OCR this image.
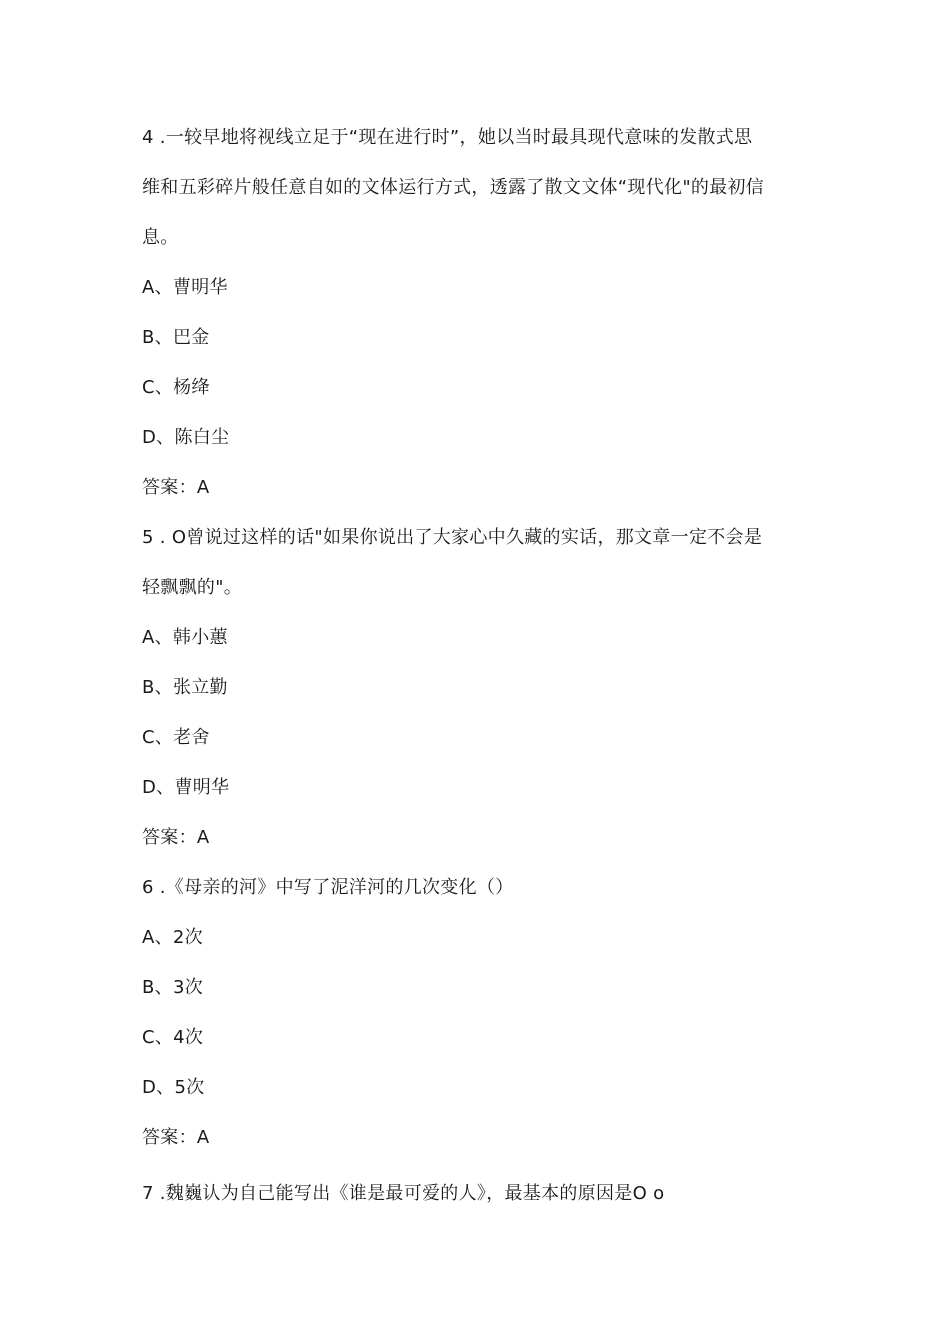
4 .一较早地将视线立足于“现在进行时”，她以当时最具现代意味的发散式思
维和五彩碎片般任意自如的文体运行方式，透露了散文文体“现代化"的最初信
息。
A、曹明华
B、巴金
C、杨绛
D、陈白尘
答案：A
5 . O曾说过这样的话"如果你说出了大家心中久藏的实话，那文章一定不会是
轻飘飘的"。
A、韩小蕙
B、张立勤
C、老舍
D、曹明华
答案：A
6 .《母亲的河》中写了泥洋河的几次变化（）
A、2次
B、3次
C、4次
D、5次
答案：A
7 .魏巍认为自己能写出《谁是最可爱的人》，最基本的原因是O o
